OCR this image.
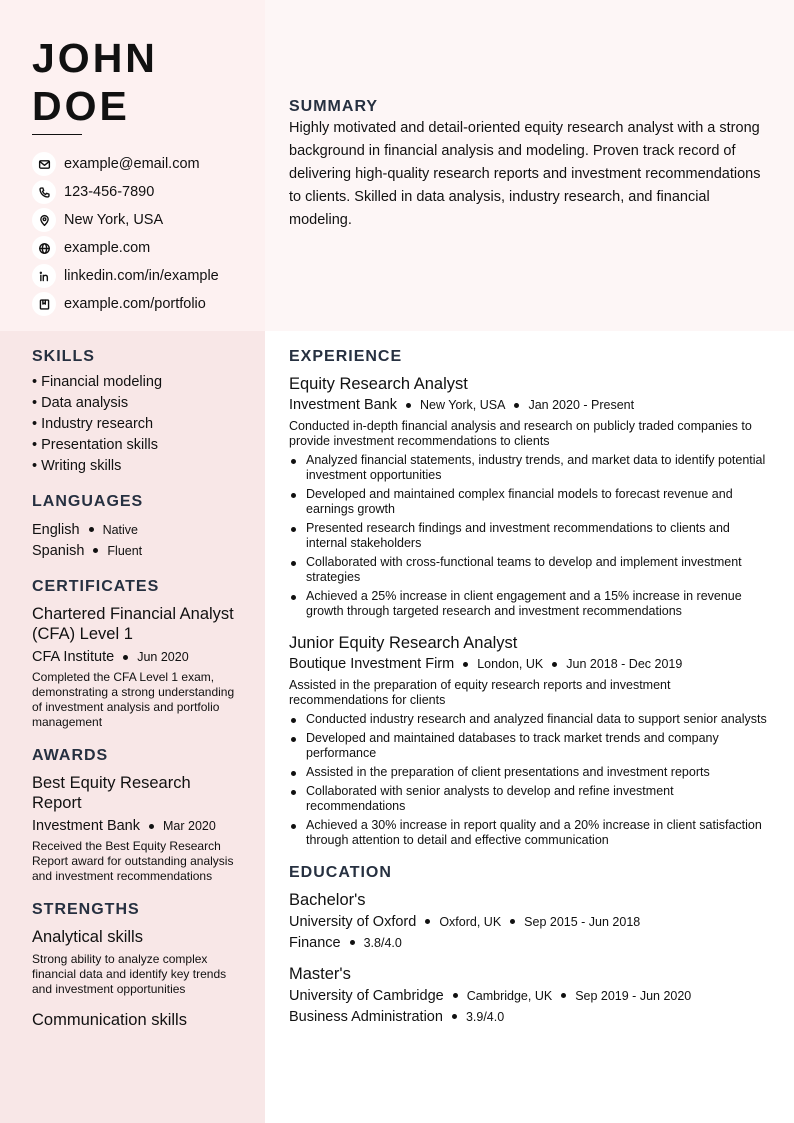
JOHN
DOE
example@email.com
123-456-7890
New York, USA
example.com
linkedin.com/in/example
example.com/portfolio
SUMMARY

Highly motivated and detail-oriented equity research analyst with a strong background in financial analysis and modeling. Proven track record of delivering high-quality research reports and investment recommendations to clients. Skilled in data analysis, industry research, and financial modeling.

SKILLS
• Financial modeling
• Data analysis
• Industry research
• Presentation skills
• Writing skills
LANGUAGES
English Native
Spanish Fluent
CERTIFICATES
Chartered Financial Analyst (CFA) Level 1
CFA Institute Jun 2020

Completed the CFA Level 1 exam, demonstrating a strong understanding of investment analysis and portfolio management

AWARDS
Best Equity Research Report
Investment Bank Mar 2020

Received the Best Equity Research Report award for outstanding analysis and investment recommendations

STRENGTHS
Analytical skills

Strong ability to analyze complex financial data and identify key trends and investment opportunities

Communication skills
EXPERIENCE
Equity Research Analyst
Investment Bank New York, USA Jan 2020 - Present

Conducted in-depth financial analysis and research on publicly traded companies to provide investment recommendations to clients

Analyzed financial statements, industry trends, and market data to identify potential investment opportunities
Developed and maintained complex financial models to forecast revenue and earnings growth
Presented research findings and investment recommendations to clients and internal stakeholders
Collaborated with cross-functional teams to develop and implement investment strategies
Achieved a 25% increase in client engagement and a 15% increase in revenue growth through targeted research and investment recommendations
Junior Equity Research Analyst
Boutique Investment Firm London, UK Jun 2018 - Dec 2019

Assisted in the preparation of equity research reports and investment recommendations for clients

Conducted industry research and analyzed financial data to support senior analysts
Developed and maintained databases to track market trends and company performance
Assisted in the preparation of client presentations and investment reports
Collaborated with senior analysts to develop and refine investment recommendations
Achieved a 30% increase in report quality and a 20% increase in client satisfaction through attention to detail and effective communication
EDUCATION
Bachelor's
University of Oxford Oxford, UK Sep 2015 - Jun 2018
Finance 3.8/4.0
Master's
University of Cambridge Cambridge, UK Sep 2019 - Jun 2020
Business Administration 3.9/4.0
